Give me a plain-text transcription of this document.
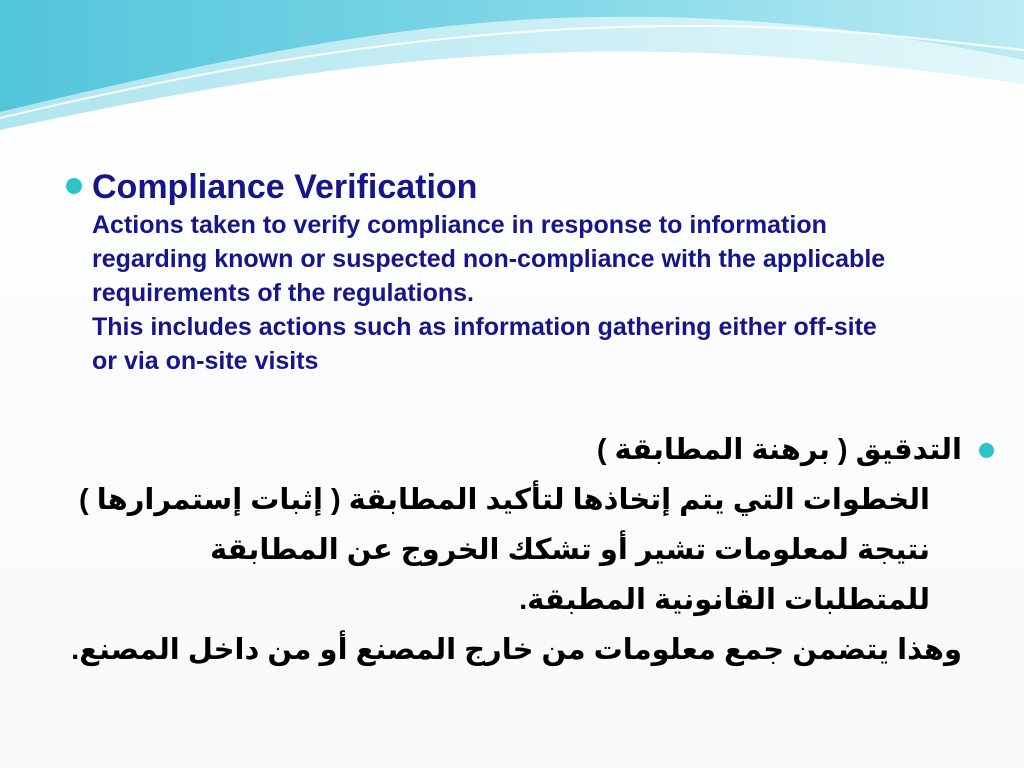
Compliance Verification

Actions taken to verify compliance in response to information regarding known or suspected non-compliance with the applicable requirements of the regulations.

This includes actions such as information gathering either off-site or via on-site visits

التدقيق ( برهنة المطابقة )

الخطوات التي يتم إتخاذها لتأكيد المطابقة ( إثبات إستمرارها ) نتيجة لمعلومات تشير أو تشكك الخروج عن المطابقة للمتطلبات القانونية المطبقة.

وهذا يتضمن جمع معلومات من خارج المصنع أو من داخل المصنع.
